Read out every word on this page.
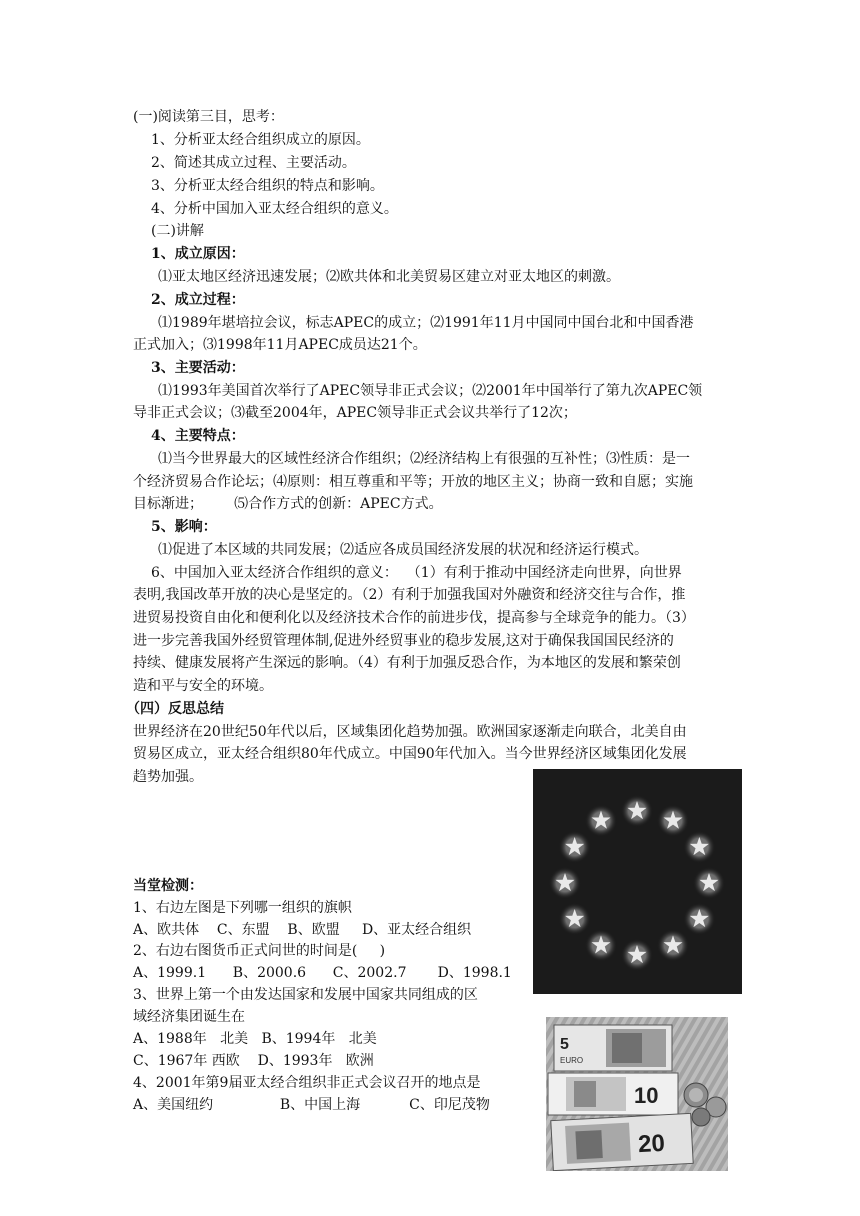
(一)阅读第三目，思考：
1、分析亚太经合组织成立的原因。
2、简述其成立过程、主要活动。
3、分析亚太经合组织的特点和影响。
4、分析中国加入亚太经合组织的意义。
(二)讲解
1、成立原因：
⑴亚太地区经济迅速发展；⑵欧共体和北美贸易区建立对亚太地区的刺激。
2、成立过程：
⑴1989年堪培拉会议，标志APEC的成立；⑵1991年11月中国同中国台北和中国香港
正式加入；⑶1998年11月APEC成员达21个。
3、主要活动：
⑴1993年美国首次举行了APEC领导非正式会议；⑵2001年中国举行了第九次APEC领
导非正式会议；⑶截至2004年，APEC领导非正式会议共举行了12次；
4、主要特点：
⑴当今世界最大的区域性经济合作组织；⑵经济结构上有很强的互补性；⑶性质：是一
个经济贸易合作论坛；⑷原则：相互尊重和平等；开放的地区主义；协商一致和自愿；实施
目标渐进；       ⑸合作方式的创新：APEC方式。
5、影响：
⑴促进了本区域的共同发展；⑵适应各成员国经济发展的状况和经济运行模式。
6、中国加入亚太经济合作组织的意义：  （1）有利于推动中国经济走向世界，向世界
表明,我国改革开放的决心是坚定的。（2）有利于加强我国对外融资和经济交往与合作，推
进贸易投资自由化和便利化以及经济技术合作的前进步伐，提高参与全球竞争的能力。（3）
进一步完善我国外经贸管理体制,促进外经贸事业的稳步发展,这对于确保我国国民经济的
持续、健康发展将产生深远的影响。（4）有利于加强反恐合作，为本地区的发展和繁荣创
造和平与安全的环境。
（四）反思总结
世界经济在20世纪50年代以后，区域集团化趋势加强。欧洲国家逐渐走向联合，北美自由
贸易区成立，亚太经合组织80年代成立。中国90年代加入。当今世界经济区域集团化发展
趋势加强。
当堂检测：
1、右边左图是下列哪一组织的旗帜
A、欧共体    C、东盟    B、欧盟     D、亚太经合组织
2、右边右图货币正式问世的时间是(     )
A、1999.1      B、2000.6      C、2002.7       D、1998.1
3、世界上第一个由发达国家和发展中国家共同组成的区
域经济集团诞生在
A、1988年   北美   B、1994年   北美
C、1967年 西欧    D、1993年   欧洲
4、2001年第9届亚太经合组织非正式会议召开的地点是
A、美国纽约               B、中国上海           C、印尼茂物
5
EURO
10
20
